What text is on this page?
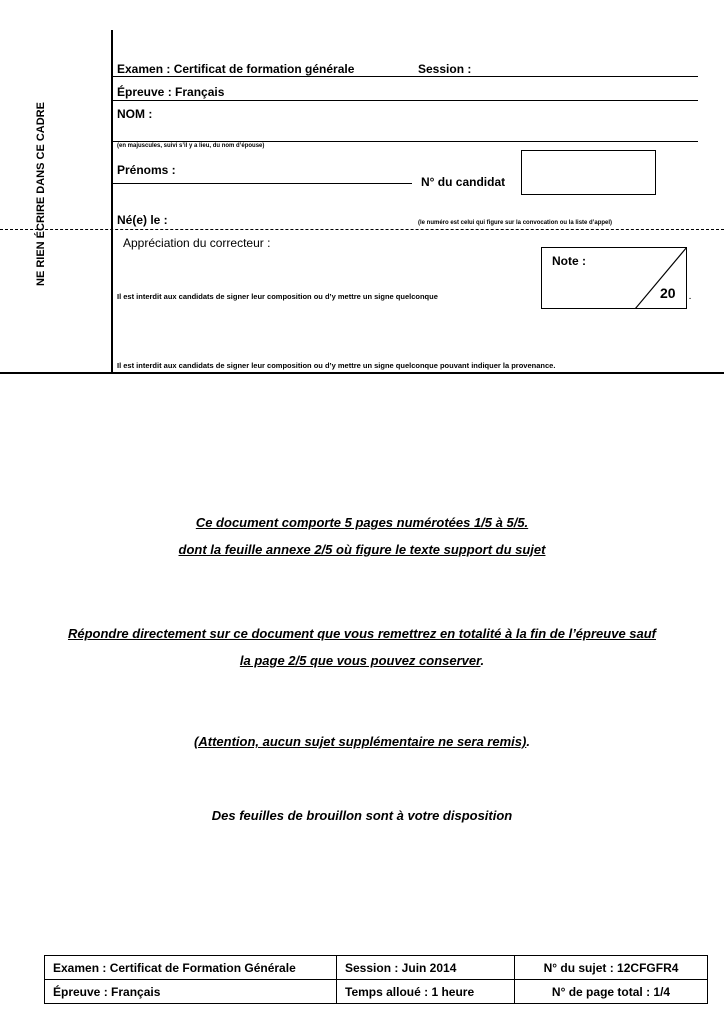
NE RIEN ÉCRIRE DANS CE CADRE
Examen : Certificat de formation générale	Session :
Épreuve : Français
NOM :
(en majuscules, suivi s’il y a lieu, du nom d’épouse)
Prénoms :
N° du candidat
Né(e) le :	(le numéro est celui qui figure sur la convocation ou la liste d’appel)
Appréciation du correcteur :
Il est interdit aux candidats de signer leur composition ou d’y mettre un signe quelconque	.
Il est interdit aux candidats de signer leur composition ou d’y mettre un signe quelconque pouvant indiquer la provenance.
Note :
20
Ce document comporte 5 pages numérotées 1/5 à 5/5.
dont la feuille annexe 2/5 où figure le texte support du sujet
Répondre directement sur ce document que vous remettrez en totalité à la fin de l’épreuve sauf
la page 2/5 que vous pouvez conserver.
(Attention, aucun sujet supplémentaire ne sera remis).
Des feuilles de brouillon sont à votre disposition
Examen : Certificat de Formation Générale	Session : Juin 2014	N° du sujet : 12CFGFR4
Épreuve : Français	Temps alloué : 1 heure	N° de page total : 1/4
